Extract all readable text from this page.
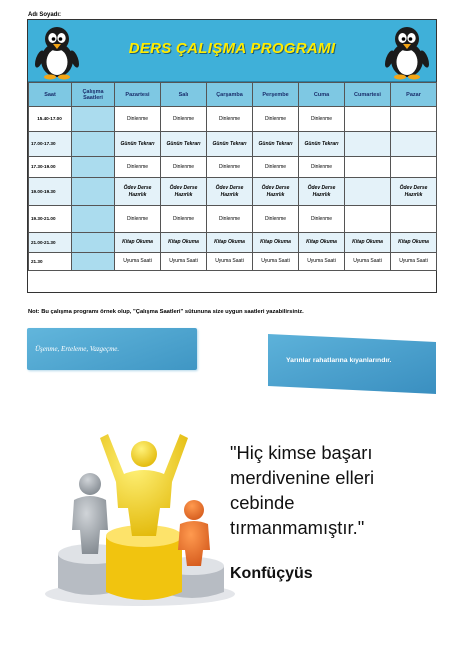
Adı Soyadı:
DERS ÇALIŞMA PROGRAMI
Saat	Çalışma Saatleri	Pazartesi	Salı	Çarşamba	Perşembe	Cuma	Cumartesi	Pazar
15.40-17.00		Dinlenme	Dinlenme	Dinlenme	Dinlenme	Dinlenme		
17.00-17.30		Günün Tekrarı	Günün Tekrarı	Günün Tekrarı	Günün Tekrarı	Günün Tekrarı		
17.30-19.00		Dinlenme	Dinlenme	Dinlenme	Dinlenme	Dinlenme		
19.00-19.30		Ödev Derse Hazırlık	Ödev Derse Hazırlık	Ödev Derse Hazırlık	Ödev Derse Hazırlık	Ödev Derse Hazırlık		Ödev Derse Hazırlık
19.30-21.00		Dinlenme	Dinlenme	Dinlenme	Dinlenme	Dinlenme		
21.00-21.30		Kitap Okuma	Kitap Okuma	Kitap Okuma	Kitap Okuma	Kitap Okuma	Kitap Okuma	Kitap Okuma
21.30		Uyuma Saati	Uyuma Saati	Uyuma Saati	Uyuma Saati	Uyuma Saati	Uyuma Saati	Uyuma Saati
Not: Bu çalışma programı örnek olup, "Çalışma Saatleri" sütununa size uygun saatleri yazabilirsiniz.
Üşenme, Erteleme, Vazgeçme.
Yarınlar rahatlarına kıyanlarındır.
"Hiç kimse başarı merdivenine elleri cebinde tırmanmamıştır."
Konfüçyüs
